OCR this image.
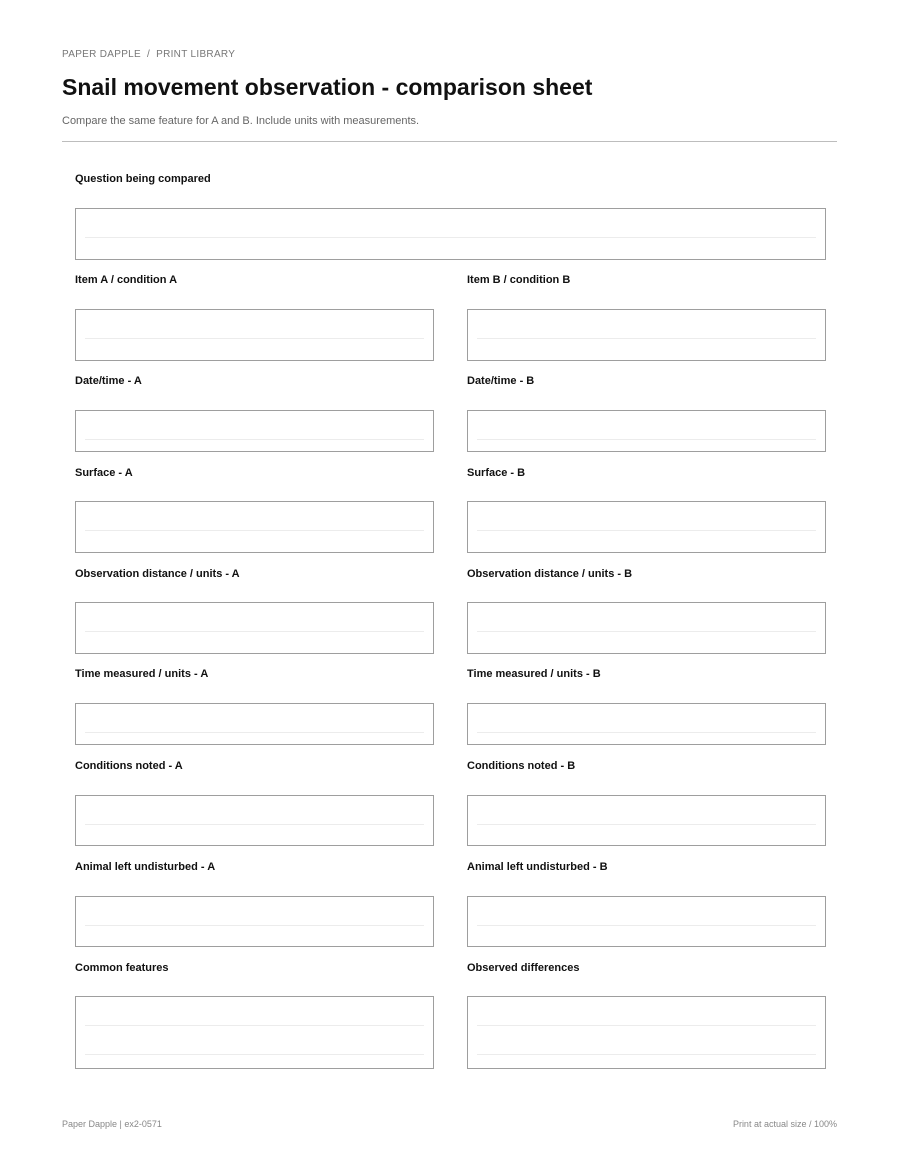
PAPER DAPPLE / PRINT LIBRARY
Snail movement observation - comparison sheet
Compare the same feature for A and B. Include units with measurements.
Question being compared
Item A / condition A	Item B / condition B
Date/time - A	Date/time - B
Surface - A	Surface - B
Observation distance / units - A	Observation distance / units - B
Time measured / units - A	Time measured / units - B
Conditions noted - A	Conditions noted - B
Animal left undisturbed - A	Animal left undisturbed - B
Common features	Observed differences
Paper Dapple | ex2-0571	Print at actual size / 100%
